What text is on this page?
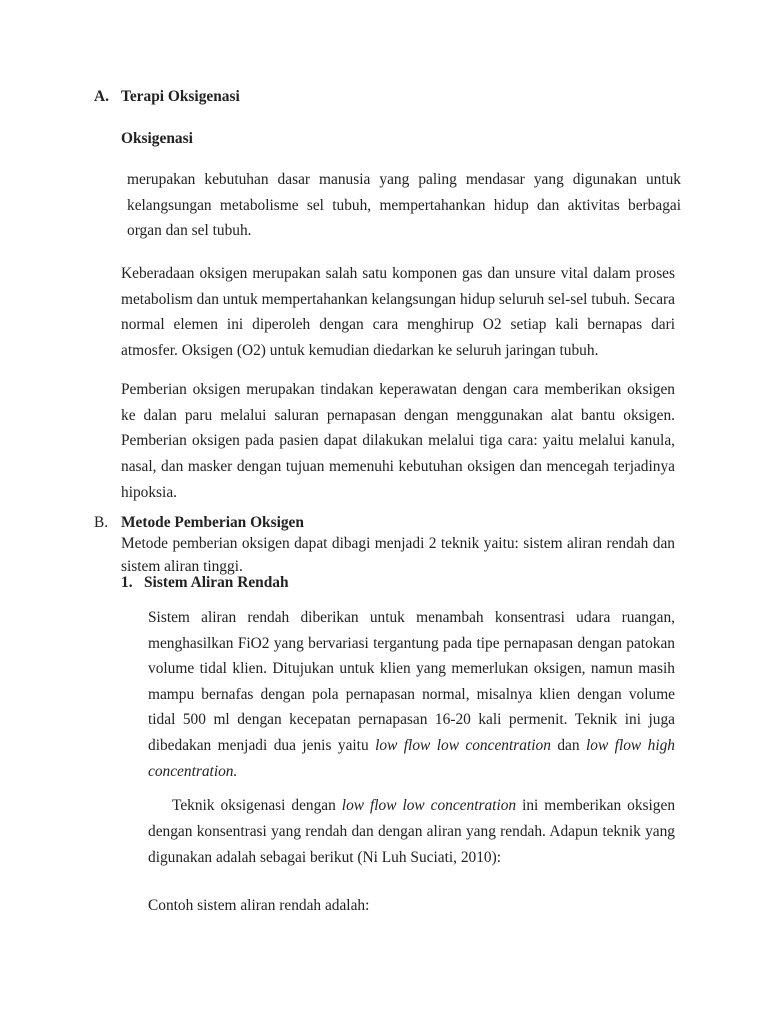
A. Terapi Oksigenasi
Oksigenasi

merupakan kebutuhan dasar manusia yang paling mendasar yang digunakan untuk kelangsungan metabolisme sel tubuh, mempertahankan hidup dan aktivitas berbagai organ dan sel tubuh.

Keberadaan oksigen merupakan salah satu komponen gas dan unsure vital dalam proses metabolism dan untuk mempertahankan kelangsungan hidup seluruh sel-sel tubuh. Secara normal elemen ini diperoleh dengan cara menghirup O2 setiap kali bernapas dari atmosfer. Oksigen (O2) untuk kemudian diedarkan ke seluruh jaringan tubuh.

Pemberian oksigen merupakan tindakan keperawatan dengan cara memberikan oksigen ke dalan paru melalui saluran pernapasan dengan menggunakan alat bantu oksigen. Pemberian oksigen pada pasien dapat dilakukan melalui tiga cara: yaitu melalui kanula, nasal, dan masker dengan tujuan memenuhi kebutuhan oksigen dan mencegah terjadinya hipoksia.

B. Metode Pemberian Oksigen

Metode pemberian oksigen dapat dibagi menjadi 2 teknik yaitu: sistem aliran rendah dan sistem aliran tinggi.

1. Sistem Aliran Rendah

Sistem aliran rendah diberikan untuk menambah konsentrasi udara ruangan, menghasilkan FiO2 yang bervariasi tergantung pada tipe pernapasan dengan patokan volume tidal klien. Ditujukan untuk klien yang memerlukan oksigen, namun masih mampu bernafas dengan pola pernapasan normal, misalnya klien dengan volume tidal 500 ml dengan kecepatan pernapasan 16-20 kali permenit. Teknik ini juga dibedakan menjadi dua jenis yaitu low flow low concentration dan low flow high concentration.

Teknik oksigenasi dengan low flow low concentration ini memberikan oksigen dengan konsentrasi yang rendah dan dengan aliran yang rendah. Adapun teknik yang digunakan adalah sebagai berikut (Ni Luh Suciati, 2010):

Contoh sistem aliran rendah adalah:
